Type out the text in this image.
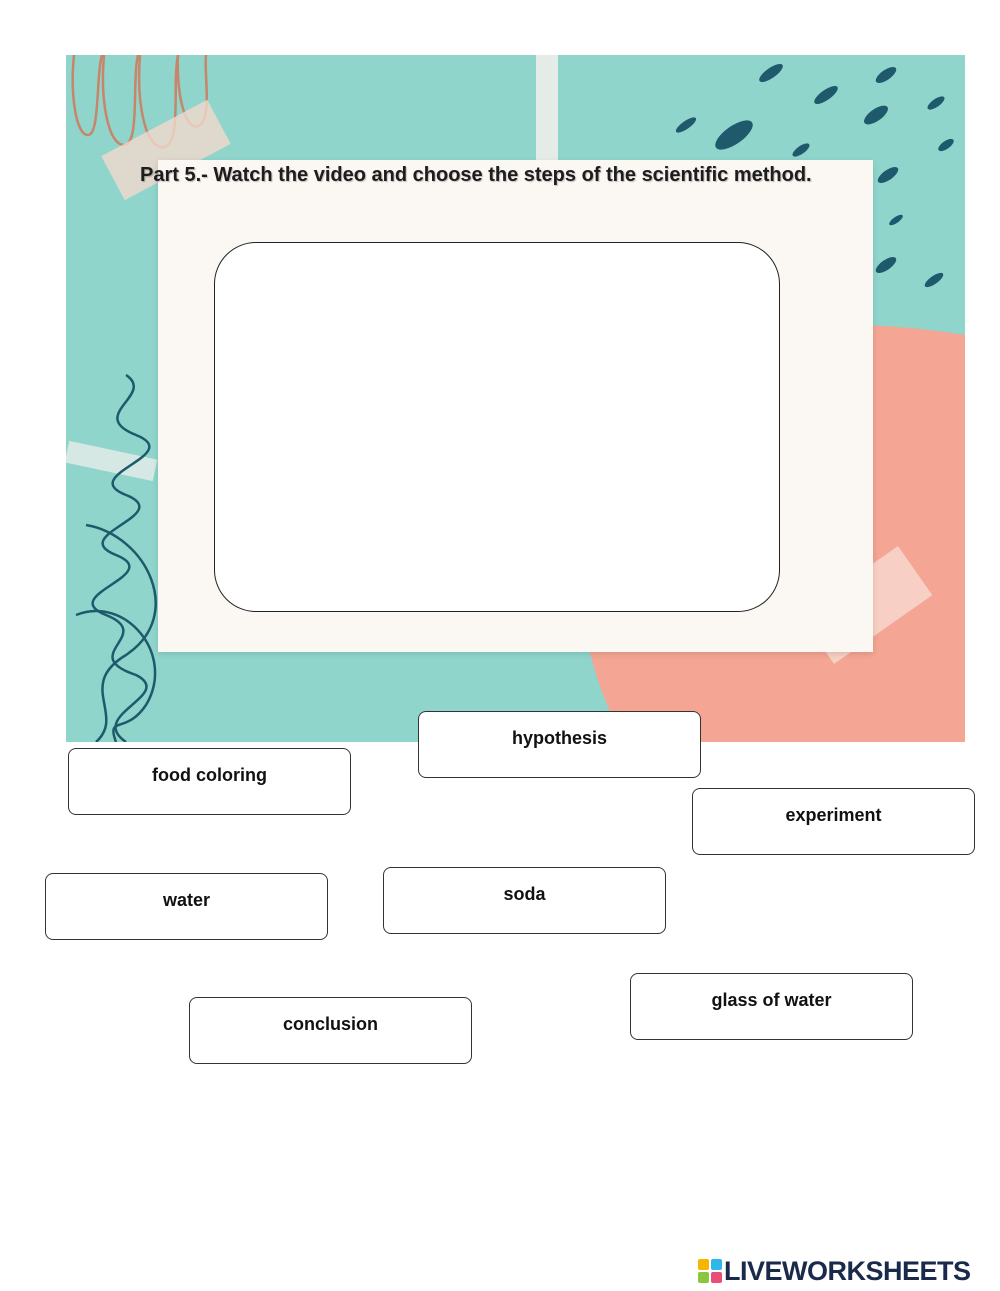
Part 5.- Watch the video and choose the steps of the scientific method.

hypothesis
food coloring
experiment
water	soda
glass of water
conclusion
LIVEWORKSHEETS
